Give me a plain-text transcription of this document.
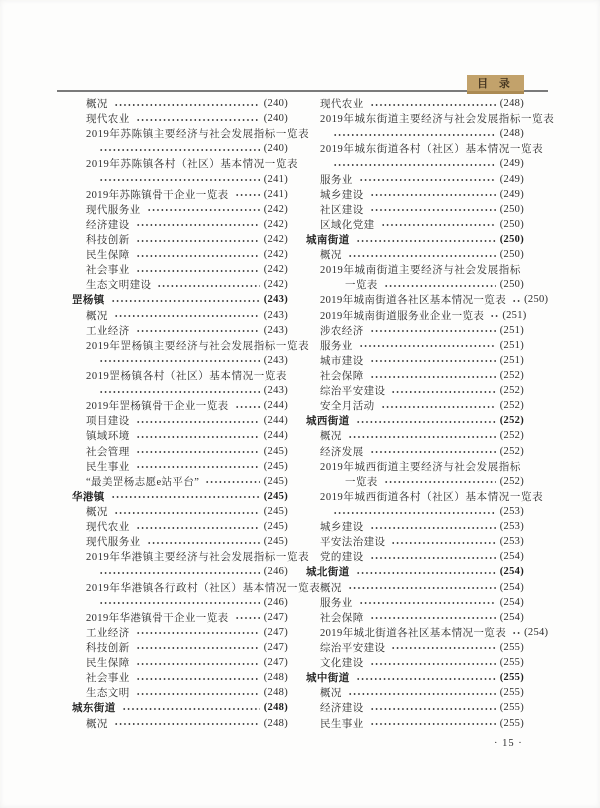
目 录
概况	(240)
现代农业	(240)
2019年苏陈镇主要经济与社会发展指标一览表
(240)
2019年苏陈镇各村（社区）基本情况一览表
(241)
2019年苏陈镇骨干企业一览表	(241)
现代服务业	(242)
经济建设	(242)
科技创新	(242)
民生保障	(242)
社会事业	(242)
生态文明建设	(242)
罡杨镇	(243)
概况	(243)
工业经济	(243)
2019年罡杨镇主要经济与社会发展指标一览表
(243)
2019罡杨镇各村（社区）基本情况一览表
(243)
2019年罡杨镇骨干企业一览表	(244)
项目建设	(244)
镇域环境	(244)
社会管理	(245)
民生事业	(245)
“最美罡杨志愿e站平台”	(245)
华港镇	(245)
概况	(245)
现代农业	(245)
现代服务业	(245)
2019年华港镇主要经济与社会发展指标一览表
(246)
2019年华港镇各行政村（社区）基本情况一览表
(246)
2019年华港镇骨干企业一览表	(247)
工业经济	(247)
科技创新	(247)
民生保障	(247)
社会事业	(248)
生态文明	(248)
城东街道	(248)
概况	(248)
现代农业	(248)
2019年城东街道主要经济与社会发展指标一览表
(248)
2019年城东街道各村（社区）基本情况一览表
(249)
服务业	(249)
城乡建设	(249)
社区建设	(250)
区域化党建	(250)
城南街道	(250)
概况	(250)
2019年城南街道主要经济与社会发展指标
一览表	(250)
2019年城南街道各社区基本情况一览表 (250)
2019年城南街道服务业企业一览表 (251)
涉农经济	(251)
服务业	(251)
城市建设	(251)
社会保障	(252)
综治平安建设	(252)
安全月活动	(252)
城西街道	(252)
概况	(252)
经济发展	(252)
2019年城西街道主要经济与社会发展指标
一览表	(252)
2019年城西街道各村（社区）基本情况一览表
(253)
城乡建设	(253)
平安法治建设	(253)
党的建设	(254)
城北街道	(254)
概况	(254)
服务业	(254)
社会保障	(254)
2019年城北街道各社区基本情况一览表 (254)
综治平安建设	(255)
文化建设	(255)
城中街道	(255)
概况	(255)
经济建设	(255)
民生事业	(255)
· 15 ·
